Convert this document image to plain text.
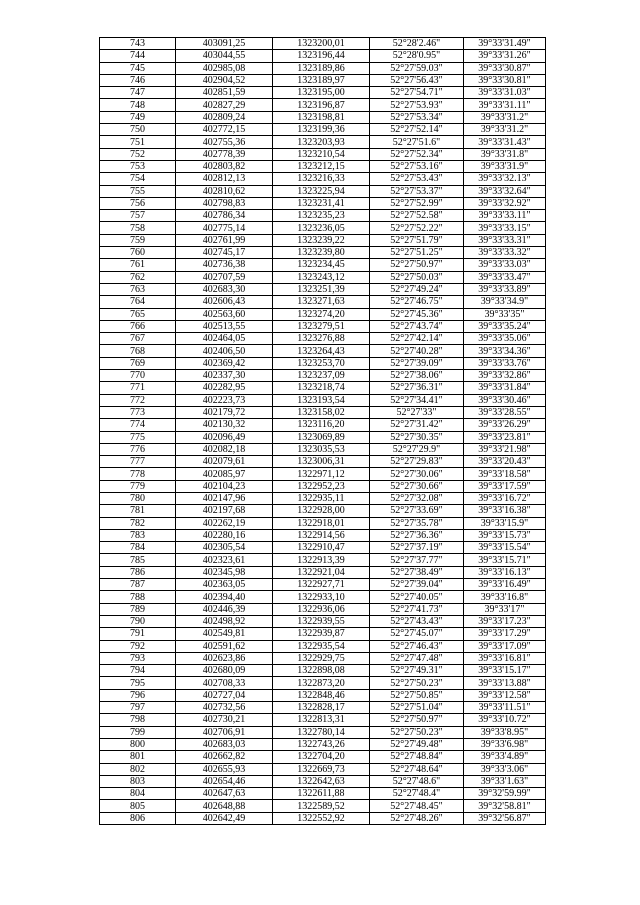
743	403091,25	1323200,01	52°28'2.46"	39°33'31.49"
744	403044,55	1323196,44	52°28'0.95"	39°33'31.26"
745	402985,08	1323189,86	52°27'59.03"	39°33'30.87"
746	402904,52	1323189,97	52°27'56.43"	39°33'30.81"
747	402851,59	1323195,00	52°27'54.71"	39°33'31.03"
748	402827,29	1323196,87	52°27'53.93"	39°33'31.11"
749	402809,24	1323198,81	52°27'53.34"	39°33'31.2"
750	402772,15	1323199,36	52°27'52.14"	39°33'31.2"
751	402755,36	1323203,93	52°27'51.6"	39°33'31.43"
752	402778,39	1323210,54	52°27'52.34"	39°33'31.8"
753	402803,82	1323212,15	52°27'53.16"	39°33'31.9"
754	402812,13	1323216,33	52°27'53.43"	39°33'32.13"
755	402810,62	1323225,94	52°27'53.37"	39°33'32.64"
756	402798,83	1323231,41	52°27'52.99"	39°33'32.92"
757	402786,34	1323235,23	52°27'52.58"	39°33'33.11"
758	402775,14	1323236,05	52°27'52.22"	39°33'33.15"
759	402761,99	1323239,22	52°27'51.79"	39°33'33.31"
760	402745,17	1323239,80	52°27'51.25"	39°33'33.32"
761	402736,38	1323234,45	52°27'50.97"	39°33'33.03"
762	402707,59	1323243,12	52°27'50.03"	39°33'33.47"
763	402683,30	1323251,39	52°27'49.24"	39°33'33.89"
764	402606,43	1323271,63	52°27'46.75"	39°33'34.9"
765	402563,60	1323274,20	52°27'45.36"	39°33'35"
766	402513,55	1323279,51	52°27'43.74"	39°33'35.24"
767	402464,05	1323276,88	52°27'42.14"	39°33'35.06"
768	402406,50	1323264,43	52°27'40.28"	39°33'34.36"
769	402369,42	1323253,70	52°27'39.09"	39°33'33.76"
770	402337,30	1323237,09	52°27'38.06"	39°33'32.86"
771	402282,95	1323218,74	52°27'36.31"	39°33'31.84"
772	402223,73	1323193,54	52°27'34.41"	39°33'30.46"
773	402179,72	1323158,02	52°27'33"	39°33'28.55"
774	402130,32	1323116,20	52°27'31.42"	39°33'26.29"
775	402096,49	1323069,89	52°27'30.35"	39°33'23.81"
776	402082,18	1323035,53	52°27'29.9"	39°33'21.98"
777	402079,61	1323006,31	52°27'29.83"	39°33'20.43"
778	402085,97	1322971,12	52°27'30.06"	39°33'18.58"
779	402104,23	1322952,23	52°27'30.66"	39°33'17.59"
780	402147,96	1322935,11	52°27'32.08"	39°33'16.72"
781	402197,68	1322928,00	52°27'33.69"	39°33'16.38"
782	402262,19	1322918,01	52°27'35.78"	39°33'15.9"
783	402280,16	1322914,56	52°27'36.36"	39°33'15.73"
784	402305,54	1322910,47	52°27'37.19"	39°33'15.54"
785	402323,61	1322913,39	52°27'37.77"	39°33'15.71"
786	402345,98	1322921,04	52°27'38.49"	39°33'16.13"
787	402363,05	1322927,71	52°27'39.04"	39°33'16.49"
788	402394,40	1322933,10	52°27'40.05"	39°33'16.8"
789	402446,39	1322936,06	52°27'41.73"	39°33'17"
790	402498,92	1322939,55	52°27'43.43"	39°33'17.23"
791	402549,81	1322939,87	52°27'45.07"	39°33'17.29"
792	402591,62	1322935,54	52°27'46.43"	39°33'17.09"
793	402623,86	1322929,75	52°27'47.48"	39°33'16.81"
794	402680,09	1322898,08	52°27'49.31"	39°33'15.17"
795	402708,33	1322873,20	52°27'50.23"	39°33'13.88"
796	402727,04	1322848,46	52°27'50.85"	39°33'12.58"
797	402732,56	1322828,17	52°27'51.04"	39°33'11.51"
798	402730,21	1322813,31	52°27'50.97"	39°33'10.72"
799	402706,91	1322780,14	52°27'50.23"	39°33'8.95"
800	402683,03	1322743,26	52°27'49.48"	39°33'6.98"
801	402662,82	1322704,20	52°27'48.84"	39°33'4.89"
802	402655,93	1322669,73	52°27'48.64"	39°33'3.06"
803	402654,46	1322642,63	52°27'48.6"	39°33'1.63"
804	402647,63	1322611,88	52°27'48.4"	39°32'59.99"
805	402648,88	1322589,52	52°27'48.45"	39°32'58.81"
806	402642,49	1322552,92	52°27'48.26"	39°32'56.87"
